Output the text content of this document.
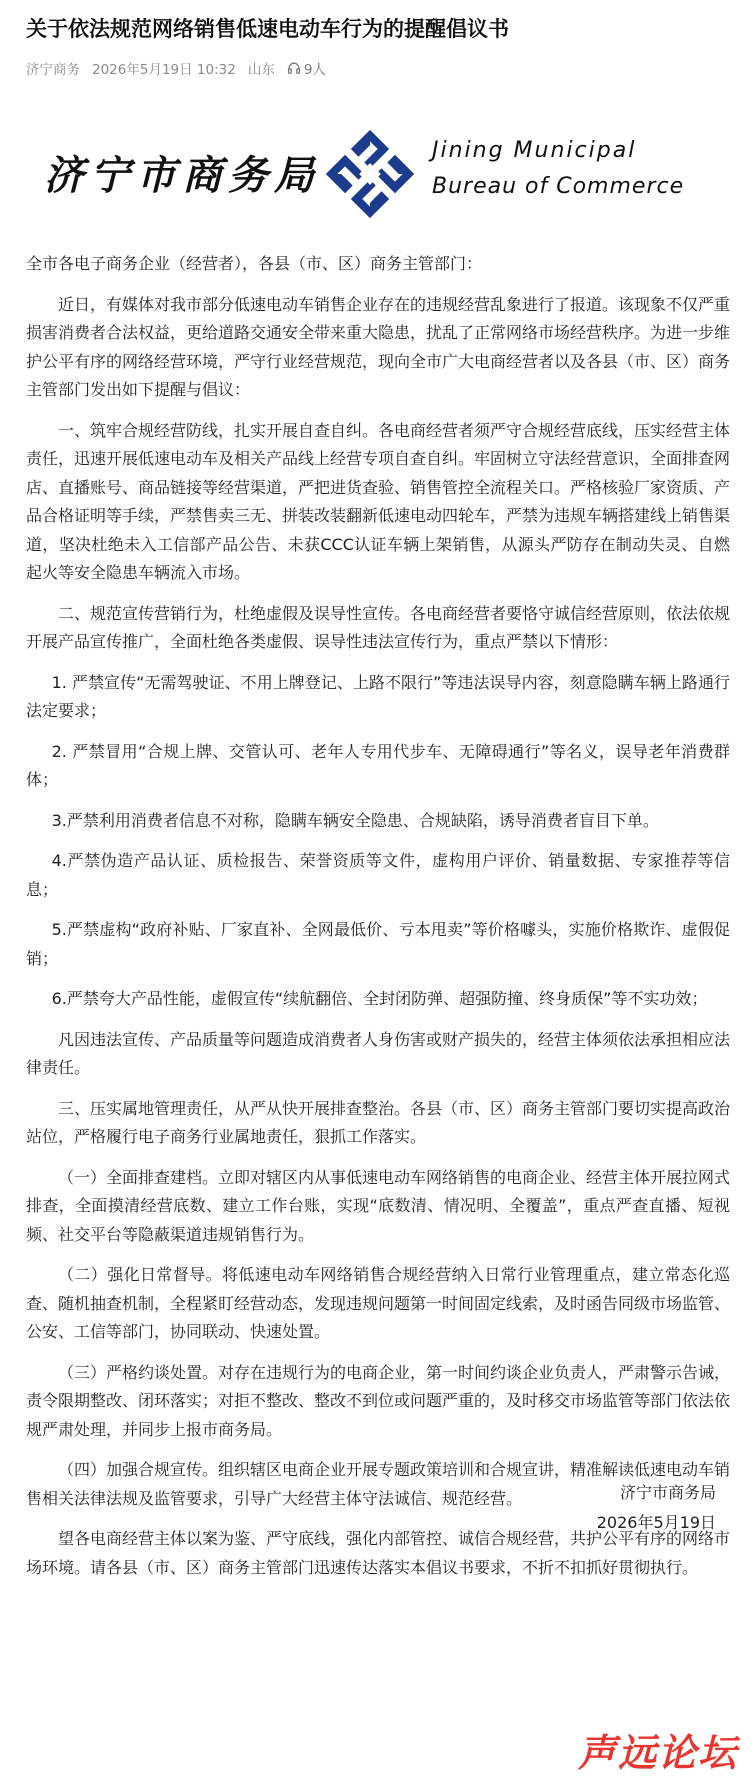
关于依法规范网络销售低速电动车行为的提醒倡议书
济宁商务 2026年5月19日 10:32 山东 9人
济宁市商务局
Jining Municipal
Bureau of Commerce

全市各电子商务企业（经营者），各县（市、区）商务主管部门：

近日，有媒体对我市部分低速电动车销售企业存在的违规经营乱象进行了报道。该现象不仅严重损害消费者合法权益，更给道路交通安全带来重大隐患，扰乱了正常网络市场经营秩序。为进一步维护公平有序的网络经营环境，严守行业经营规范，现向全市广大电商经营者以及各县（市、区）商务主管部门发出如下提醒与倡议：

一、筑牢合规经营防线，扎实开展自查自纠。各电商经营者须严守合规经营底线，压实经营主体责任，迅速开展低速电动车及相关产品线上经营专项自查自纠。牢固树立守法经营意识，全面排查网店、直播账号、商品链接等经营渠道，严把进货查验、销售管控全流程关口。严格核验厂家资质、产品合格证明等手续，严禁售卖三无、拼装改装翻新低速电动四轮车，严禁为违规车辆搭建线上销售渠道，坚决杜绝未入工信部产品公告、未获CCC认证车辆上架销售，从源头严防存在制动失灵、自燃起火等安全隐患车辆流入市场。

二、规范宣传营销行为，杜绝虚假及误导性宣传。各电商经营者要恪守诚信经营原则，依法依规开展产品宣传推广，全面杜绝各类虚假、误导性违法宣传行为，重点严禁以下情形：

1. 严禁宣传“无需驾驶证、不用上牌登记、上路不限行”等违法误导内容，刻意隐瞒车辆上路通行法定要求；

2. 严禁冒用“合规上牌、交管认可、老年人专用代步车、无障碍通行”等名义，误导老年消费群体；

3.严禁利用消费者信息不对称，隐瞒车辆安全隐患、合规缺陷，诱导消费者盲目下单。

4.严禁伪造产品认证、质检报告、荣誉资质等文件，虚构用户评价、销量数据、专家推荐等信息；

5.严禁虚构“政府补贴、厂家直补、全网最低价、亏本甩卖”等价格噱头，实施价格欺诈、虚假促销；

6.严禁夸大产品性能，虚假宣传“续航翻倍、全封闭防弹、超强防撞、终身质保”等不实功效；

凡因违法宣传、产品质量等问题造成消费者人身伤害或财产损失的，经营主体须依法承担相应法律责任。

三、压实属地管理责任，从严从快开展排查整治。各县（市、区）商务主管部门要切实提高政治站位，严格履行电子商务行业属地责任，狠抓工作落实。

（一）全面排查建档。立即对辖区内从事低速电动车网络销售的电商企业、经营主体开展拉网式排查，全面摸清经营底数、建立工作台账，实现“底数清、情况明、全覆盖”，重点严查直播、短视频、社交平台等隐蔽渠道违规销售行为。

（二）强化日常督导。将低速电动车网络销售合规经营纳入日常行业管理重点，建立常态化巡查、随机抽查机制，全程紧盯经营动态，发现违规问题第一时间固定线索，及时函告同级市场监管、公安、工信等部门，协同联动、快速处置。

（三）严格约谈处置。对存在违规行为的电商企业，第一时间约谈企业负责人，严肃警示告诫，责令限期整改、闭环落实；对拒不整改、整改不到位或问题严重的，及时移交市场监管等部门依法依规严肃处理，并同步上报市商务局。

（四）加强合规宣传。组织辖区电商企业开展专题政策培训和合规宣讲，精准解读低速电动车销售相关法律法规及监管要求，引导广大经营主体守法诚信、规范经营。

望各电商经营主体以案为鉴、严守底线，强化内部管控、诚信合规经营，共护公平有序的网络市场环境。请各县（市、区）商务主管部门迅速传达落实本倡议书要求，不折不扣抓好贯彻执行。

济宁市商务局
2026年5月19日
声远论坛
